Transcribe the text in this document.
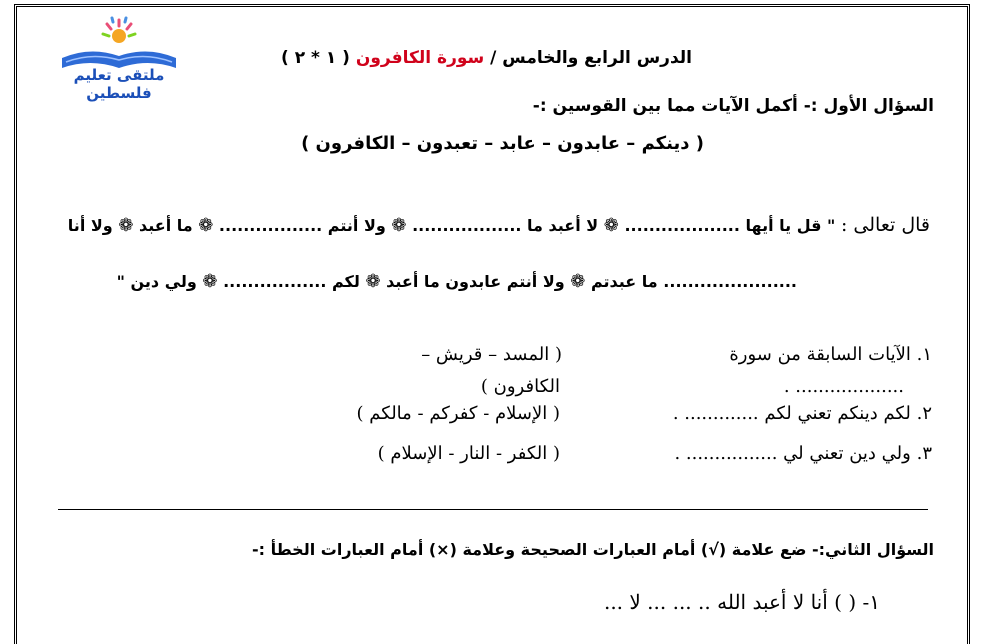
ملتقى تعليم فلسطين
الدرس الرابع والخامس / سورة الكافرون ( ١ * ٢ )
السؤال الأول :- أكمل الآيات مما بين القوسين :-
( دينكم – عابدون – عابد – تعبدون – الكافرون )
قال تعالى : " قل يا أيها ................... ❁ لا أعبد ما .................. ❁ ولا أنتم ................. ❁ ما أعبد ❁ ولا أنا
...................... ما عبدتم ❁ ولا أنتم عابدون ما أعبد ❁ لكم ................. ❁ ولي دين "
١. الآيات السابقة من سورة
................... .
( المسد – قريش –
الكافرون )
٢. لكم دينكم تعني لكم ............. .
( الإسلام - كفركم - مالكم )
٣. ولي دين تعني لي ................ .
( الكفر - النار - الإسلام )
السؤال الثاني:- ضع علامة (√) أمام العبارات الصحيحة وعلامة (×) أمام العبارات الخطأ :-
١- ( ) أنا لا أعبد الله .. ... ... لا ...
